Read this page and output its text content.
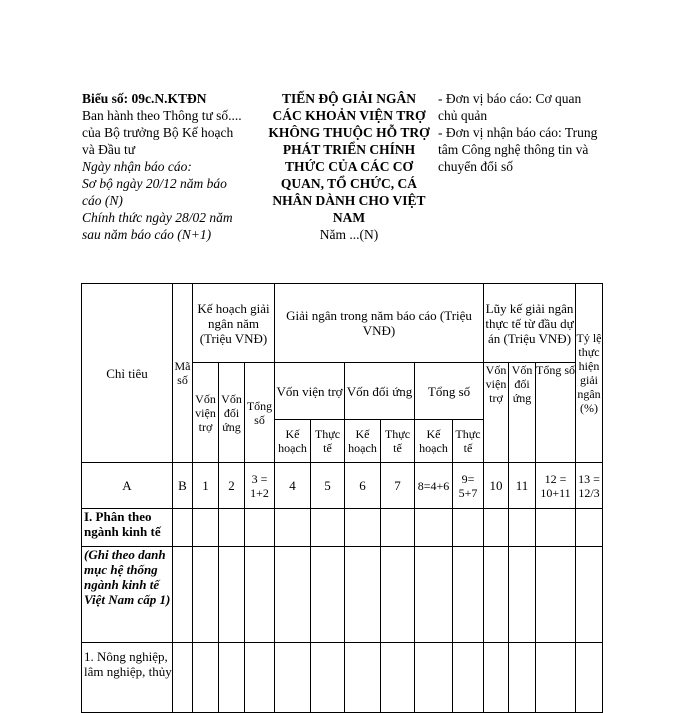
Biểu số: 09c.N.KTĐN
Ban hành theo Thông tư số....
của Bộ trưởng Bộ Kế hoạch
và Đầu tư
Ngày nhận báo cáo:
Sơ bộ ngày 20/12 năm báo
cáo (N)
Chính thức ngày 28/02 năm
sau năm báo cáo (N+1)
TIẾN ĐỘ GIẢI NGÂN
CÁC KHOẢN VIỆN TRỢ
KHÔNG THUỘC HỖ TRỢ
PHÁT TRIỂN CHÍNH
THỨC CỦA CÁC CƠ
QUAN, TỔ CHỨC, CÁ
NHÂN DÀNH CHO VIỆT
NAM
Năm ...(N)
- Đơn vị báo cáo: Cơ quan
chủ quản
- Đơn vị nhận báo cáo: Trung
tâm Công nghệ thông tin và
chuyển đổi số
Chỉ tiêu	Mã số	Kế hoạch giải ngân năm (Triệu VNĐ)			Giải ngân trong năm báo cáo (Triệu VNĐ)						Lũy kế giải ngân thực tế từ đầu dự án (Triệu VNĐ)			Tỷ lệ thực hiện giải ngân (%)
		Vốn viện trợ	Vốn đối ứng	Tổng số	Vốn viện trợ		Vốn đối ứng		Tổng số		Vốn viện trợ	Vốn đối ứng	Tổng số	
					Kế hoạch	Thực tế	Kế hoạch	Thực tế	Kế hoạch	Thực tế				
A	B	1	2	3 = 1+2	4	5	6	7	8=4+6	9= 5+7	10	11	12 = 10+11	13 = 12/3
I. Phân theo ngành kinh tế														
(Ghi theo danh mục hệ thống ngành kinh tế Việt Nam cấp 1)														
1. Nông nghiệp, lâm nghiệp, thủy														
